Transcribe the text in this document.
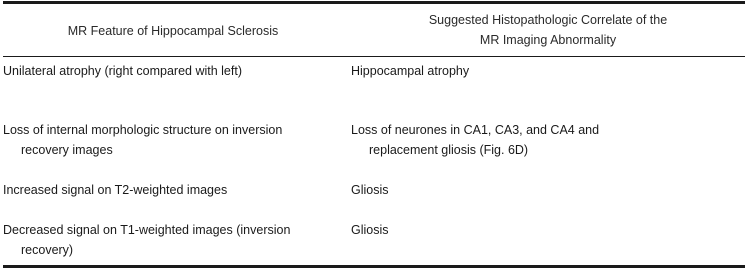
MR Feature of Hippocampal Sclerosis
Suggested Histopathologic Correlate of the
MR Imaging Abnormality
Unilateral atrophy (right compared with left)	Hippocampal atrophy
Loss of internal morphologic structure on inversion recovery images
Loss of neurones in CA1, CA3, and CA4 and replacement gliosis (Fig. 6D)
Increased signal on T2-weighted images	Gliosis
Decreased signal on T1-weighted images (inversion recovery)
Gliosis
